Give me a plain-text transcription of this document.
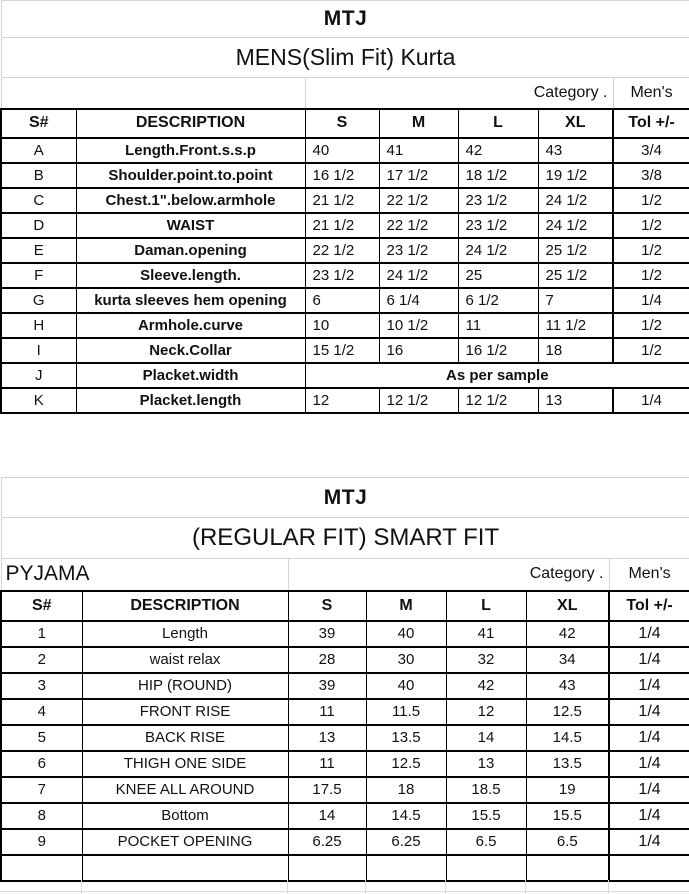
MTJ						
MENS(Slim Fit) Kurta						
		Category .				Men's
S#	DESCRIPTION	S	M	L	XL	Tol +/-
A	Length.Front.s.s.p	40	41	42	43	3/4
B	Shoulder.point.to.point	16 1/2	17 1/2	18 1/2	19 1/2	3/8
C	Chest.1".below.armhole	21 1/2	22 1/2	23 1/2	24 1/2	1/2
D	WAIST	21 1/2	22 1/2	23 1/2	24 1/2	1/2
E	Daman.opening	22 1/2	23 1/2	24 1/2	25 1/2	1/2
F	Sleeve.length.	23 1/2	24 1/2	25	25 1/2	1/2
G	kurta sleeves hem opening	6	6 1/4	6 1/2	7	1/4
H	Armhole.curve	10	10 1/2	11	11 1/2	1/2
I	Neck.Collar	15 1/2	16	16 1/2	18	1/2
J	Placket.width	As per sample				
K	Placket.length	12	12 1/2	12 1/2	13	1/4
MTJ						
(REGULAR FIT) SMART FIT						
PYJAMA		Category .				Men's
S#	DESCRIPTION	S	M	L	XL	Tol +/-
1	Length	39	40	41	42	1/4
2	waist relax	28	30	32	34	1/4
3	HIP (ROUND)	39	40	42	43	1/4
4	FRONT RISE	11	11.5	12	12.5	1/4
5	BACK RISE	13	13.5	14	14.5	1/4
6	THIGH ONE SIDE	11	12.5	13	13.5	1/4
7	KNEE ALL AROUND	17.5	18	18.5	19	1/4
8	Bottom	14	14.5	15.5	15.5	1/4
9	POCKET OPENING	6.25	6.25	6.5	6.5	1/4
